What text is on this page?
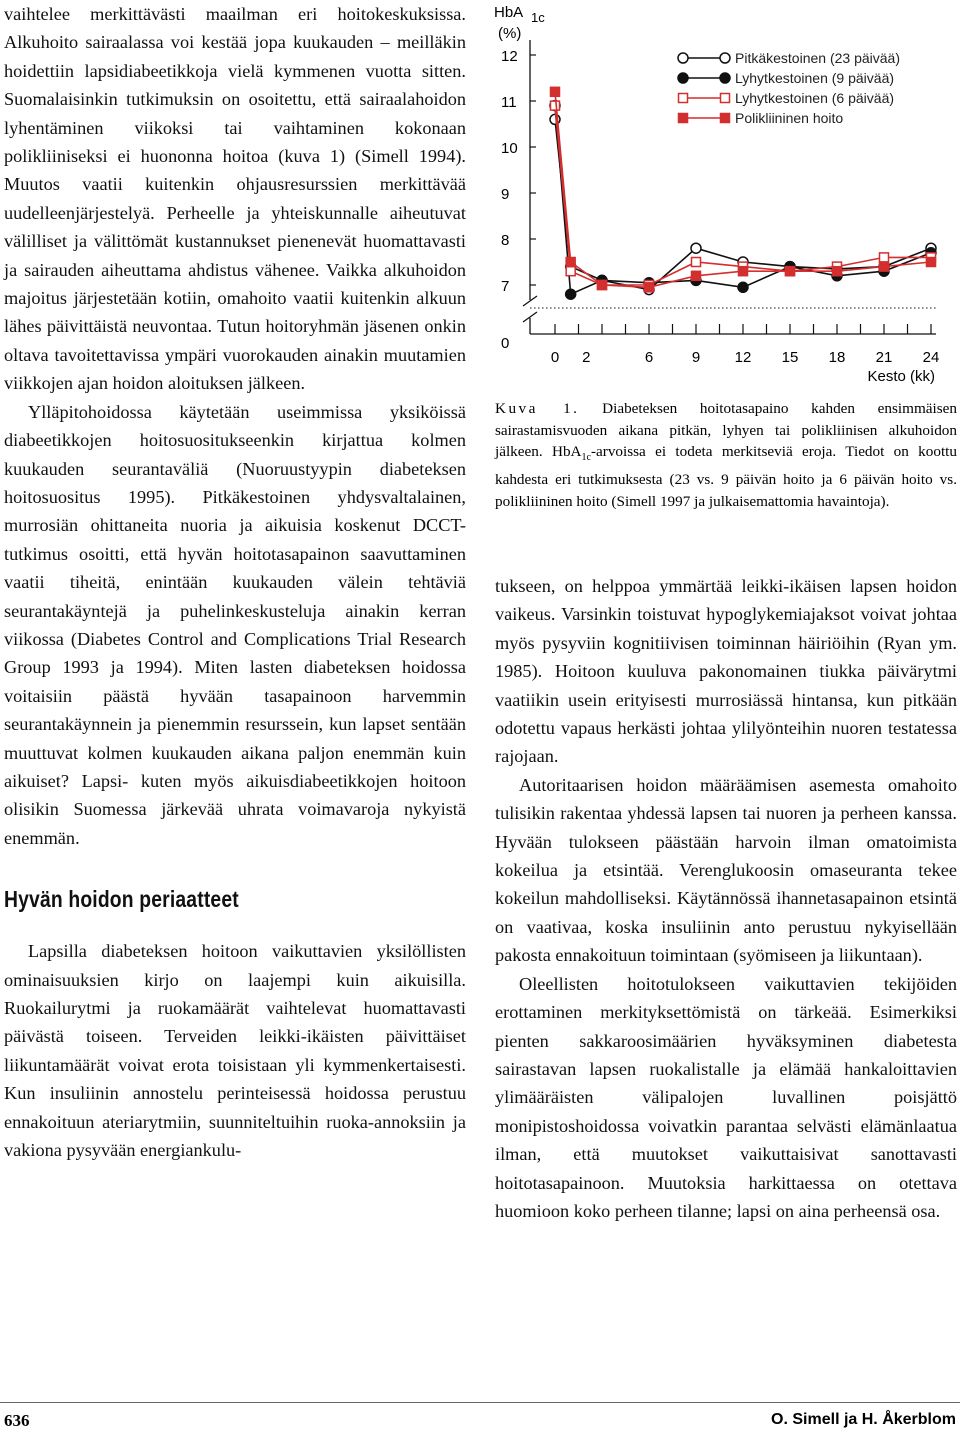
vaihtelee merkittävästi maailman eri hoitokeskuksissa. Alkuhoito sairaalassa voi kestää jopa kuukauden – meilläkin hoidettiin lapsidiabeetikkoja vielä kymmenen vuotta sitten. Suomalaisinkin tutkimuksin on osoitettu, että sairaalahoidon lyhentäminen viikoksi tai vaihtaminen kokonaan polikliiniseksi ei huononna hoitoa (kuva 1) (Simell 1994). Muutos vaatii kuitenkin ohjausresurssien merkittävää uudelleenjärjestelyä. Perheelle ja yhteiskunnalle aiheutuvat välilliset ja välittömät kustannukset pienenevät huomattavasti ja sairauden aiheuttama ahdistus vähenee. Vaikka alkuhoidon majoitus järjestetään kotiin, omahoito vaatii kuitenkin alkuun lähes päivittäistä neuvontaa. Tutun hoitoryhmän jäsenen onkin oltava tavoitettavissa ympäri vuorokauden ainakin muutamien viikkojen ajan hoidon aloituksen jälkeen.

Ylläpitohoidossa käytetään useimmissa yksiköissä diabeetikkojen hoitosuositukseenkin kirjattua kolmen kuukauden seurantaväliä (Nuoruustyypin diabeteksen hoitosuositus 1995). Pitkäkestoinen yhdysvaltalainen, murrosiän ohittaneita nuoria ja aikuisia koskenut DCCT-tutkimus osoitti, että hyvän hoitotasapainon saavuttaminen vaatii tiheitä, enintään kuukauden välein tehtäviä seurantakäyntejä ja puhelinkeskusteluja ainakin kerran viikossa (Diabetes Control and Complications Trial Research Group 1993 ja 1994). Miten lasten diabeteksen hoidossa voitaisiin päästä hyvään tasapainoon harvemmin seurantakäynnein ja pienemmin resurssein, kun lapset sentään muuttuvat kolmen kuukauden aikana paljon enemmän kuin aikuiset? Lapsi- kuten myös aikuisdiabeetikkojen hoitoon olisikin Suomessa järkevää uhrata voimavaroja nykyistä enemmän.

Hyvän hoidon periaatteet

Lapsilla diabeteksen hoitoon vaikuttavien yksilöllisten ominaisuuksien kirjo on laajempi kuin aikuisilla. Ruokailurytmi ja ruokamäärät vaihtelevat huomattavasti päivästä toiseen. Terveiden leikki-ikäisten päivittäiset liikuntamäärät voivat erota toisistaan yli kymmenkertaisesti. Kun insuliinin annostelu perinteisessä hoidossa perustuu ennakoituun ateriarytmiin, suunniteltuihin ruoka-annoksiin ja vakiona pysyvään energiankulu-

12
11
10
9
8
7
0
0 2	6	9 12 15 18 21 24
Pitkäkestoinen (23 päivää)
Lyhytkestoinen (9 päivää)
Lyhytkestoinen (6 päivää)
Polikliininen hoito
HbA 1c
(%)
Kesto (kk)
Kuva 1. Diabeteksen hoitotasapaino kahden ensimmäisen sairastamisvuoden aikana pitkän, lyhyen tai polikliinisen alkuhoidon jälkeen. HbA$_{1c}$-arvoissa ei todeta merkitseviä eroja. Tiedot on koottu kahdesta eri tutkimuksesta (23 vs. 9 päivän hoito ja 6 päivän hoito vs. polikliininen hoito (Simell 1997 ja julkaisemattomia havaintoja).

tukseen, on helppoa ymmärtää leikki-ikäisen lapsen hoidon vaikeus. Varsinkin toistuvat hypoglykemiajaksot voivat johtaa myös pysyviin kognitiivisen toiminnan häiriöihin (Ryan ym. 1985). Hoitoon kuuluva pakonomainen tiukka päivärytmi vaatiikin usein erityisesti murrosiässä hintansa, kun pitkään odotettu vapaus herkästi johtaa ylilyönteihin nuoren testatessa rajojaan.

Autoritaarisen hoidon määräämisen asemesta omahoito tulisikin rakentaa yhdessä lapsen tai nuoren ja perheen kanssa. Hyvään tulokseen päästään harvoin ilman omatoimista kokeilua ja etsintää. Verenglukoosin omaseuranta tekee kokeilun mahdolliseksi. Käytännössä ihannetasapainon etsintä on vaativaa, koska insuliinin anto perustuu nykyisellään pakosta ennakoituun toimintaan (syömiseen ja liikuntaan).

Oleellisten hoitotulokseen vaikuttavien tekijöiden erottaminen merkityksettömistä on tärkeää. Esimerkiksi pienten sakkaroosimäärien hyväksyminen diabetesta sairastavan lapsen ruokalistalle ja elämää hankaloittavien ylimääräisten välipalojen luvallinen poisjättö monipistoshoidossa voivatkin parantaa selvästi elämänlaatua ilman, että muutokset vaikuttaisivat sanottavasti hoitotasapainoon. Muutoksia harkittaessa on otettava huomioon koko perheen tilanne; lapsi on aina perheensä osa.

636	O. Simell ja H. Åkerblom
